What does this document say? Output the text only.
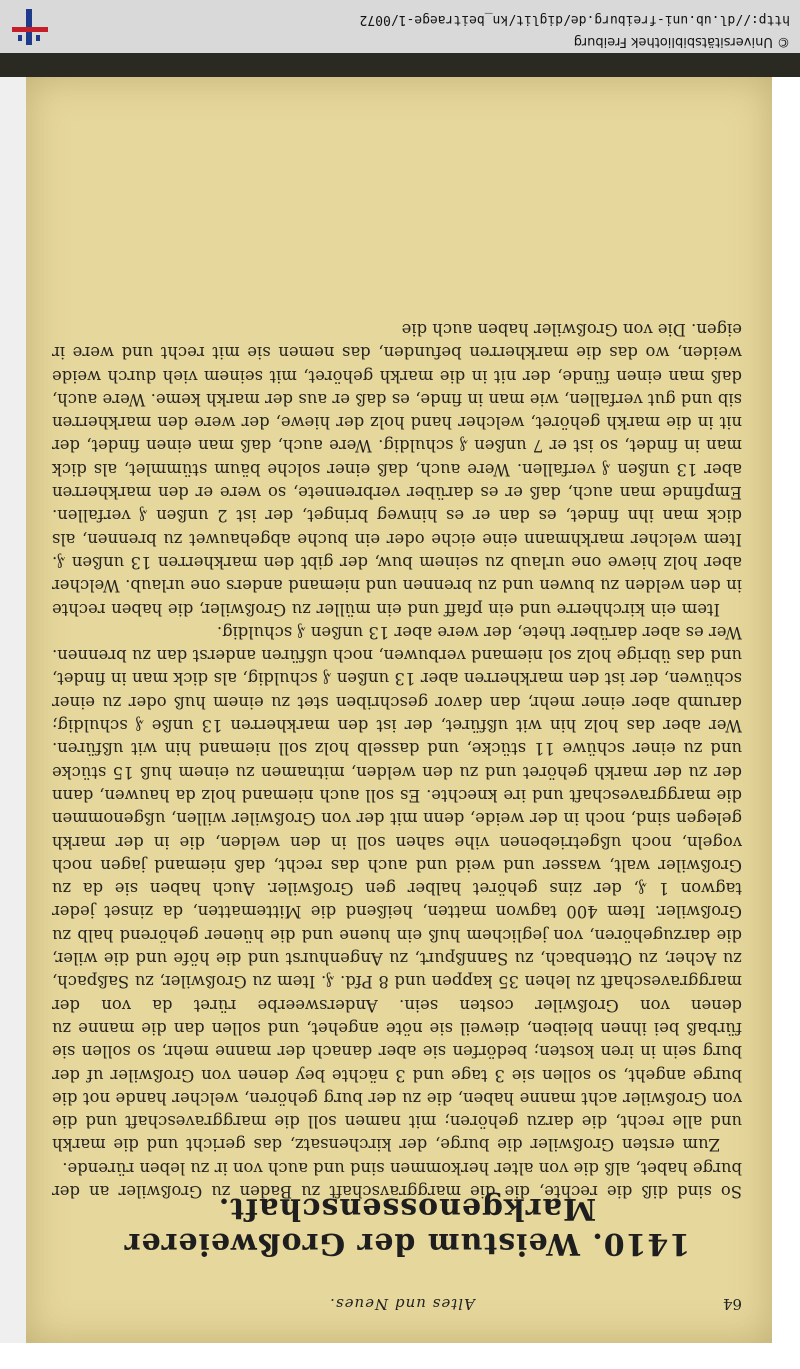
64
Altes und Neues.
1410. Weistum der Großweierer Markgenossenschaft.

So sind diß die rechte, die die marggravschaft zu Baden zu Großwiler an der burge habet, alß die von alter herkommen sind und auch von ir zu leben rürende.

Zum ersten Großwiler die burge, der kirchensatz, das gericht und die markh und alle recht, die darzu gehören; mit namen soll die marggraveschaft und die von Großwiler acht manne haben, die zu der burg gehören, welcher hande not die burge angeht, so sollen sie 3 tage und 3 nächte bey denen von Großwiler uf der burg sein in iren kosten; bedörfen sie aber danach der manne mehr, so sollen sie fürbaß bei ihnen bleiben, dieweil sie nöte angehet, und sollen dan die manne zu denen von Großwiler costen sein. Andersweerbe rüret da von der marggraveschaft zu lehen 35 kappen und 8 Pfd. ₰. Item zu Großwiler, zu Saßpach, zu Acher, zu Ottenbach, zu Sannßpurt, zu Angenhurst und die höfe und die wiler, die darzugehören, von jeglichem huß ein huene und die hüener gehörend halb zu Großwiler. Item 400 tagwon matten, heißend die Mittematten, da zinset jeder tagwon 1 ₰, der zins gehöret halber gen Großwiler. Auch haben sie da zu Großwiler walt, wasser und weid und auch das recht, daß niemand jagen noch vogeln, noch ußgetriebenen vihe sahen soll in den welden, die in der markh gelegen sind, noch in der weide, denn mit der von Großwiler willen, ußgenommen die marggraveschaft und ire knechte. Es soll auch niemand holz da hauwen, dann der zu der markh gehöret und zu den welden, mitnamen zu einem huß 15 stücke und zu einer schüwe 11 stücke, und dasselb holz soll niemand hin wit ußfüren. Wer aber das holz hin wit ußfüret, der ist den markherren 13 unße ₰ schuldig; darumb aber einer mehr, dan davor geschriben stet zu einem huß oder zu einer schüwen, der ist den markherren aber 13 unßen ₰ schuldig, als dick man in findet, und das übrige holz sol niemand verbuwen, noch ußfüren anderst dan zu brennen. Wer es aber darüber thete, der were aber 13 unßen ₰ schuldig.

Item ein kirchherre und ein pfaff und ein müller zu Großwiler, die haben rechte in den welden zu buwen und zu brennen und niemand anders one urlaub. Welcher aber holz hiewe one urlaub zu seinem buw, der gibt den markherren 13 unßen ₰. Item welcher markhmann eine eiche oder ein buche abgehauwet zu brennen, als dick man ihn findet, es dan er es hinweg bringet, der ist 2 unßen ₰ verfallen. Empfinde man auch, daß er es darüber verbrennete, so were er den markherren aber 13 unßen ₰ verfallen. Were auch, daß einer solche bäum stümmlet, als dick man in findet, so ist er 7 unßen ₰ schuldig. Were auch, daß man einen findet, der nit in die markh gehöret, welcher hand holz der hiewe, der were den markherren sib und gut verfallen, wie man in finde, es daß er aus der markh keme. Were auch, daß man einen fünde, der nit in die markh gehöret, mit seinem vieh durch weide weiden, wo das die markherren befunden, das nemen sie mit recht und were ir eigen. Die von Großwiler haben auch die

© Universitätsbibliothek Freiburg
http://dl.ub.uni-freiburg.de/diglit/kn_beitraege-1/0072
